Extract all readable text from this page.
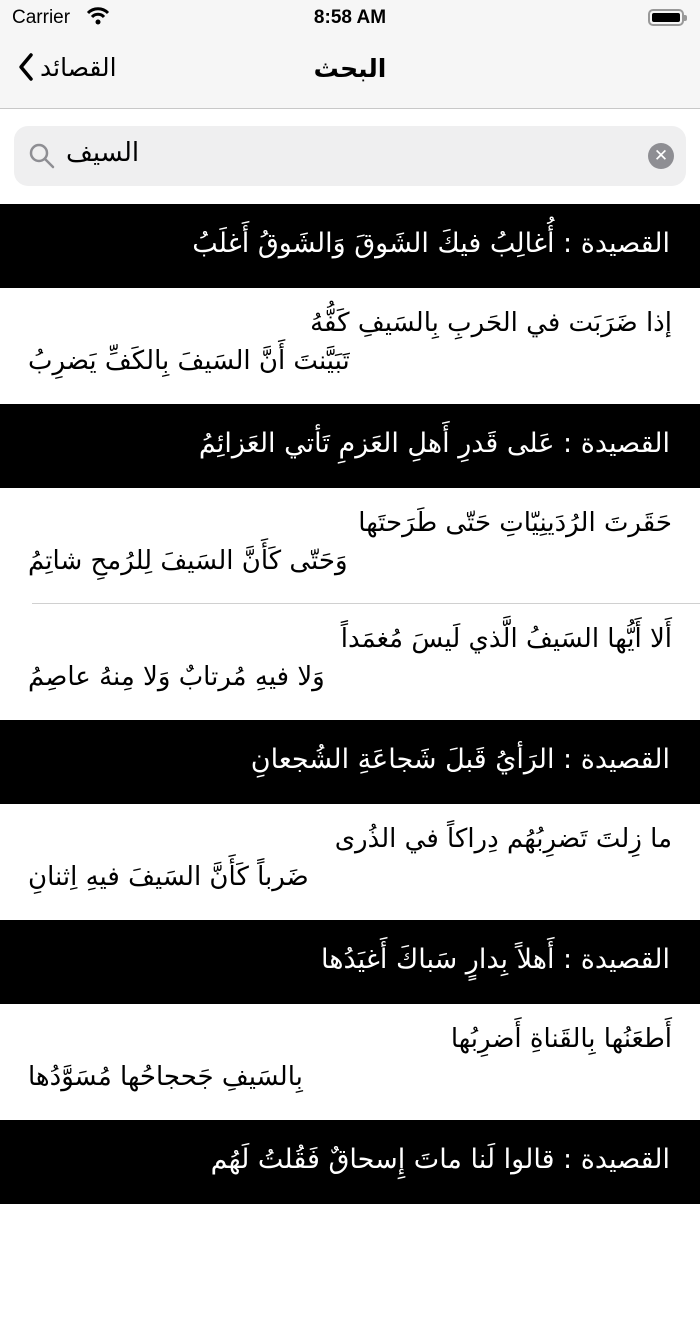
Carrier	8:58 AM
القصائد	البحث
السيف	✕
القصيدة : أُغالِبُ فيكَ الشَوقَ وَالشَوقُ أَغلَبُ
إذا ضَرَبَت في الحَربِ بِالسَيفِ كَفُّهُ
تَبَيَّنتَ أَنَّ السَيفَ بِالكَفِّ يَضرِبُ
القصيدة : عَلى قَدرِ أَهلِ العَزمِ تَأتي العَزائِمُ
حَقَرتَ الرُدَينِيّاتِ حَتّى طَرَحتَها
وَحَتّى كَأَنَّ السَيفَ لِلرُمحِ شاتِمُ
أَلا أَيُّها السَيفُ الَّذي لَيسَ مُغمَداً
وَلا فيهِ مُرتابٌ وَلا مِنهُ عاصِمُ
القصيدة : الرَأيُ قَبلَ شَجاعَةِ الشُجعانِ
ما زِلتَ تَضرِبُهُم دِراكاً في الذُرى
ضَرباً كَأَنَّ السَيفَ فيهِ اِثنانِ
القصيدة : أَهلاً بِدارٍ سَباكَ أَغيَدُها
أَطعَنُها بِالقَناةِ أَضرِبُها
بِالسَيفِ جَحجاحُها مُسَوَّدُها
القصيدة : قالوا لَنا ماتَ إِسحاقٌ فَقُلتُ لَهُم
